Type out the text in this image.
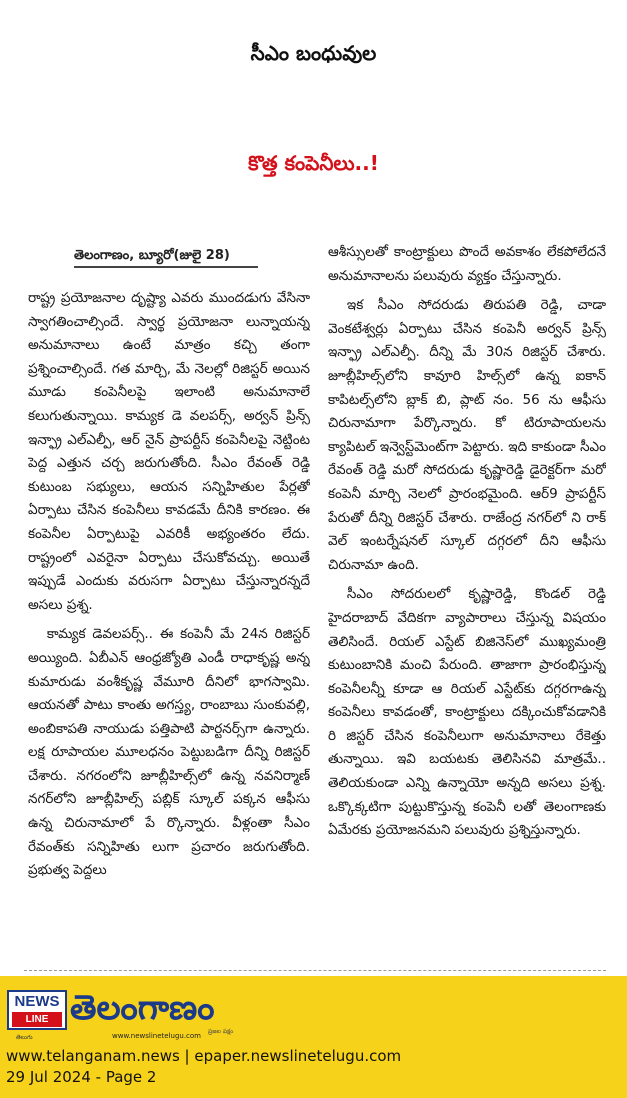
సీఎం బంధువుల
కొత్త కంపెనీలు..!
తెలంగాణం, బ్యూరో(జులై 28)

రాష్ట్ర ప్రయోజనాల దృష్ట్యా ఎవరు ముందడుగు వేసినా స్వాగతించాల్సిందే. స్వార్థ ప్రయోజనా లున్నాయన్న అనుమానాలు ఉంటే మాత్రం కచ్చి తంగా ప్రశ్నించాల్సిందే. గత మార్చి, మే నెలల్లో రిజిస్టర్ అయిన మూడు కంపెనీలపై ఇలాంటి అనుమానాలే కలుగుతున్నాయి. కామ్యక డె వలపర్స్, అర్వన్ ప్రిన్స్ ఇన్ఫ్రా ఎల్ఎల్పీ, ఆర్ నైన్ ప్రాపర్టీస్ కంపెనీలపై నెట్టింట పెద్ద ఎత్తున చర్చ జరుగుతోంది. సీఎం రేవంత్ రెడ్డి కుటుంబ సభ్యులు, ఆయన సన్నిహితుల పేర్లతో ఏర్పాటు చేసిన కంపెనీలు కావడమే దీనికి కారణం. ఈ కంపెనీల ఏర్పాటుపై ఎవరికీ అభ్యంతరం లేదు. రాష్ట్రంలో ఎవరైనా ఏర్పాటు చేసుకోవచ్చు. అయితే ఇప్పుడే ఎందుకు వరుసగా ఏర్పాటు చేస్తున్నారన్నదే అసలు ప్రశ్న.

కామ్యక డెవలపర్స్.. ఈ కంపెనీ మే 24న రిజిస్టర్ అయ్యింది. ఏబీఎన్ ఆంధ్రజ్యోతి ఎండీ రాధాకృష్ణ అన్న కుమారుడు వంశీకృష్ణ వేమూరి దీనిలో భాగస్వామి. ఆయనతో పాటు కాంతు అగస్త్య, రాంబాబు సుంకువల్లి, అంబికాపతి నాయుడు పత్తిపాటి పార్టనర్స్‌గా ఉన్నారు. లక్ష రూపాయల మూలధనం పెట్టుబడిగా దీన్ని రిజిస్టర్ చేశారు. నగరంలోని జూబ్లీహిల్స్‌లో ఉన్న నవనిర్మాణ్ నగర్‌లోని జూబ్లీహిల్స్ పబ్లిక్ స్కూల్ పక్కన ఆఫీసు ఉన్న చిరునామాలో పే ర్కొన్నారు. వీళ్లంతా సీఎం రేవంత్‌కు సన్నిహితు లుగా ప్రచారం జరుగుతోంది. ప్రభుత్వ పెద్దలు

ఆశీస్సులతో కాంట్రాక్టులు పొందే అవకాశం లేకపోలేదనే అనుమానాలను పలువురు వ్యక్తం చేస్తున్నారు.

ఇక సీఎం సోదరుడు తిరుపతి రెడ్డి, చాడా వెంకటేశ్వర్లు ఏర్పాటు చేసిన కంపెనీ అర్వన్ ప్రిన్స్ ఇన్ఫ్రా ఎల్ఎల్పీ. దీన్ని మే 30న రిజిస్టర్ చేశారు. జూబ్లీహిల్స్‌లోని కావూరి హిల్స్‌లో ఉన్న ఐకాన్ కాపిటల్స్‌లోని బ్లాక్ బి, ప్లాట్ నం. 56 ను ఆఫీసు చిరునామాగా పేర్కొన్నారు. కో టిరూపాయలను క్యాపిటల్ ఇన్వెస్ట్‌మెంట్‌గా పెట్టారు. ఇది కాకుండా సీఎం రేవంత్ రెడ్డి మరో సోదరుడు కృష్ణారెడ్డి డైరెక్టర్‌గా మరో కంపెనీ మార్చి నెలలో ప్రారంభమైంది. ఆర్9 ప్రాపర్టీస్ పేరుతో దీన్ని రిజిస్టర్ చేశారు. రాజేంద్ర నగర్‌లో ని రాక్ వెల్ ఇంటర్నేషనల్ స్కూల్ దగ్గరలో దీని ఆఫీసు చిరునామా ఉంది.

సీఎం సోదరులలో కృష్ణారెడ్డి, కొండల్ రెడ్డి హైదరాబాద్ వేదికగా వ్యాపారాలు చేస్తున్న విషయం తెలిసిందే. రియల్ ఎస్టేట్ బిజినెస్‌లో ముఖ్యమంత్రి కుటుంబానికి మంచి పేరుంది. తాజాగా ప్రారంభిస్తున్న కంపెనీలన్నీ కూడా ఆ రియల్ ఎస్టేట్‌కు దగ్గరగాఉన్న కంపెనీలు కావడంతో, కాంట్రాక్టులు దక్కించుకోవడానికి రి జిస్టర్ చేసిన కంపెనీలుగా అనుమానాలు రేకెత్తు తున్నాయి. ఇవి బయటకు తెలిసినవి మాత్రమే.. తెలియకుండా ఎన్ని ఉన్నాయో అన్నది అసలు ప్రశ్న. ఒక్కొక్కటిగా పుట్టుకొస్తున్న కంపెనీ లతో తెలంగాణకు ఏమేరకు ప్రయోజనమని పలువురు ప్రశ్నిస్తున్నారు.

NEWS
LINE
తెలుగు
తెలంగాణం
www.newslinetelugu.com
ప్రజల పక్షం
www.telanganam.news | epaper.newslinetelugu.com
29 Jul 2024 - Page 2
